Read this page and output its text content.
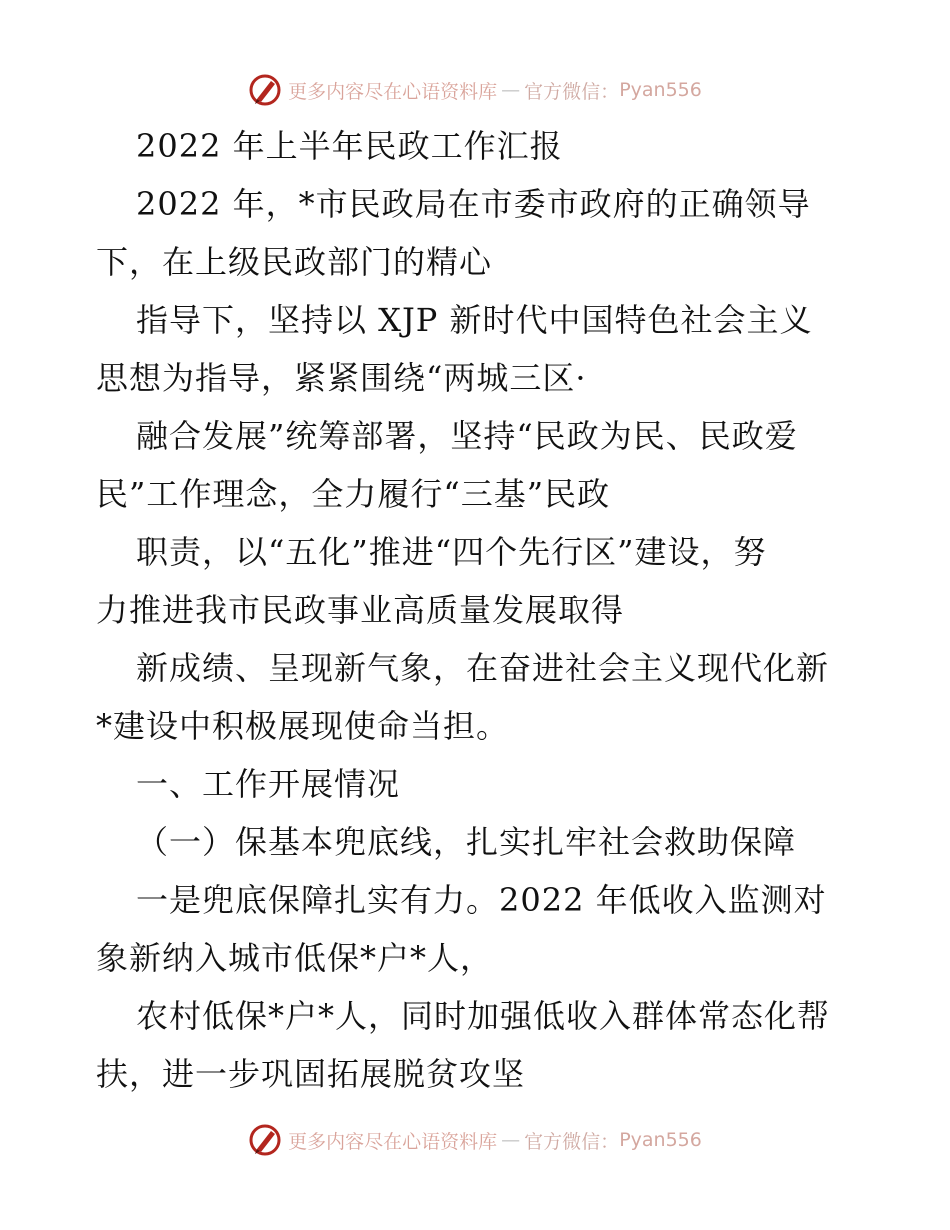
更多内容尽在心语资料库 — 官方微信： Pyan556
2022 年上半年民政工作汇报
2022 年，*市民政局在市委市政府的正确领导
下，在上级民政部门的精心
指导下，坚持以 XJP 新时代中国特色社会主义
思想为指导，紧紧围绕“两城三区·
融合发展”统筹部署，坚持“民政为民、民政爱
民”工作理念，全力履行“三基”民政
职责，以“五化”推进“四个先行区”建设，努
力推进我市民政事业高质量发展取得
新成绩、呈现新气象，在奋进社会主义现代化新
*建设中积极展现使命当担。
一、工作开展情况
（一）保基本兜底线，扎实扎牢社会救助保障
一是兜底保障扎实有力。2022 年低收入监测对
象新纳入城市低保*户*人，
农村低保*户*人，同时加强低收入群体常态化帮
扶，进一步巩固拓展脱贫攻坚
更多内容尽在心语资料库 — 官方微信： Pyan556
